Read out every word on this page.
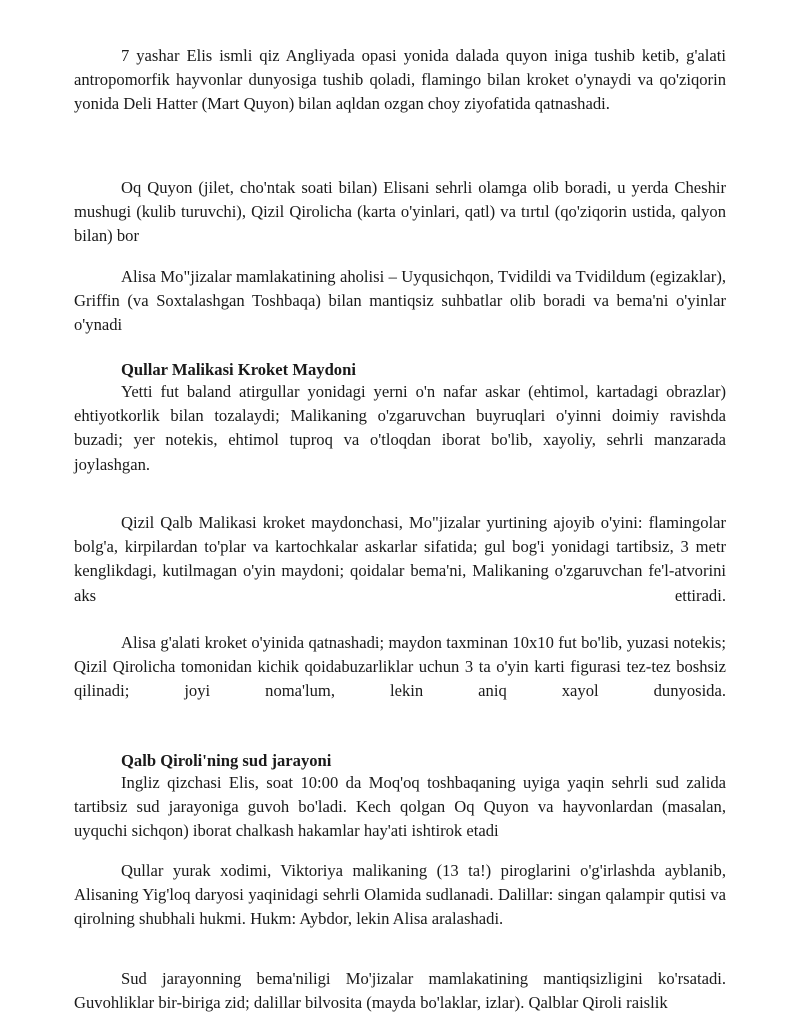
7 yashar Elis ismli qiz Angliyada opasi yonida dalada quyon iniga tushib ketib, g'alati antropomorfik hayvonlar dunyosiga tushib qoladi, flamingo bilan kroket o'ynaydi va qo'ziqorin yonida Deli Hatter (Mart Quyon) bilan aqldan ozgan choy ziyofatida qatnashadi.

Oq Quyon (jilet, cho'ntak soati bilan) Elisani sehrli olamga olib boradi, u yerda Cheshir mushugi (kulib turuvchi), Qizil Qirolicha (karta o'yinlari, qatl) va tırtıl (qo'ziqorin ustida, qalyon bilan) bor

Alisa Mo"jizalar mamlakatining aholisi – Uyqusichqon, Tvidildi va Tvidildum (egizaklar), Griffin (va Soxtalashgan Toshbaqa) bilan mantiqsiz suhbatlar olib boradi va bema'ni o'yinlar o'ynadi

Qullar Malikasi Kroket Maydoni

Yetti fut baland atirgullar yonidagi yerni o'n nafar askar (ehtimol, kartadagi obrazlar) ehtiyotkorlik bilan tozalaydi; Malikaning o'zgaruvchan buyruqlari o'yinni doimiy ravishda buzadi; yer notekis, ehtimol tuproq va o'tloqdan iborat bo'lib, xayoliy, sehrli manzarada joylashgan.

Qizil Qalb Malikasi kroket maydonchasi, Mo"jizalar yurtining ajoyib o'yini: flamingolar bolg'a, kirpilardan to'plar va kartochkalar askarlar sifatida; gul bog'i yonidagi tartibsiz, 3 metr kenglikdagi, kutilmagan o'yin maydoni; qoidalar bema'ni, Malikaning o'zgaruvchan fe'l-atvorini aks ettiradi.

Alisa g'alati kroket o'yinida qatnashadi; maydon taxminan 10x10 fut bo'lib, yuzasi notekis; Qizil Qirolicha tomonidan kichik qoidabuzarliklar uchun 3 ta o'yin karti figurasi tez-tez boshsiz qilinadi; joyi noma'lum, lekin aniq xayol dunyosida.

Qalb Qiroli'ning sud jarayoni

Ingliz qizchasi Elis, soat 10:00 da Moq'oq toshbaqaning uyiga yaqin sehrli sud zalida tartibsiz sud jarayoniga guvoh bo'ladi. Kech qolgan Oq Quyon va hayvonlardan (masalan, uyquchi sichqon) iborat chalkash hakamlar hay'ati ishtirok etadi

Qullar yurak xodimi, Viktoriya malikaning (13 ta!) piroglarini o'g'irlashda ayblanib, Alisaning Yig'loq daryosi yaqinidagi sehrli Olamida sudlanadi. Dalillar: singan qalampir qutisi va qirolning shubhali hukmi. Hukm: Aybdor, lekin Alisa aralashadi.

Sud jarayonning bema'niligi Mo'jizalar mamlakatining mantiqsizligini ko'rsatadi. Guvohliklar bir-biriga zid; dalillar bilvosita (mayda bo'laklar, izlar). Qalblar Qiroli raislik
